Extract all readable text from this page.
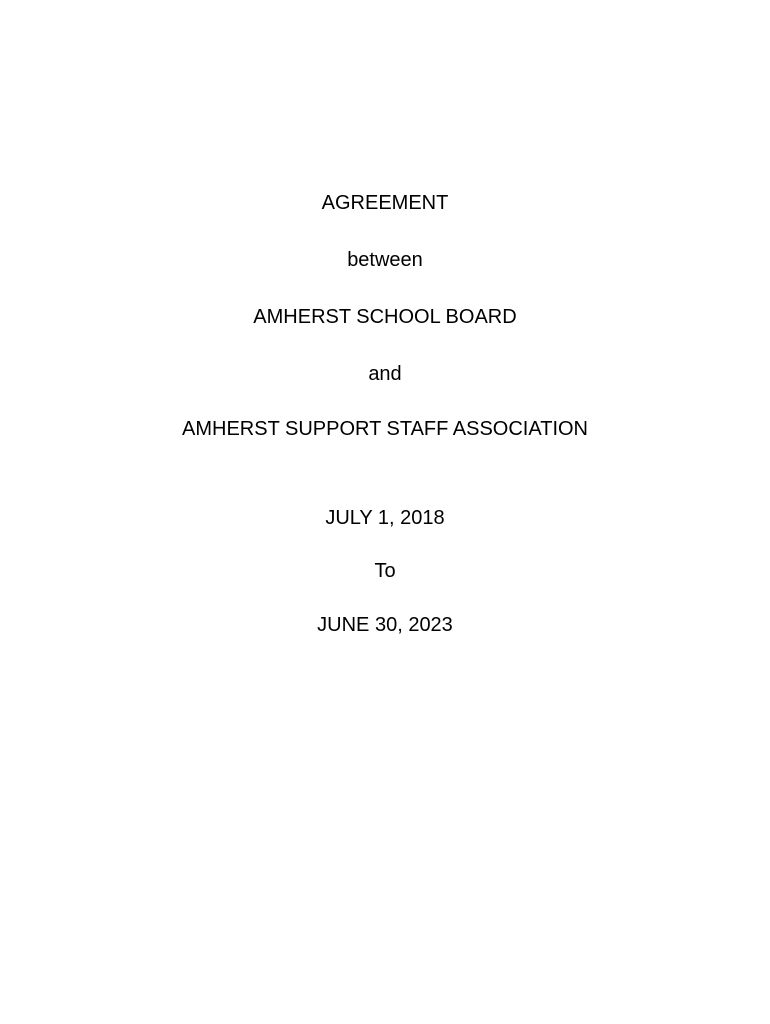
AGREEMENT
between
AMHERST SCHOOL BOARD
and
AMHERST SUPPORT STAFF ASSOCIATION
JULY 1, 2018
To
JUNE 30, 2023
